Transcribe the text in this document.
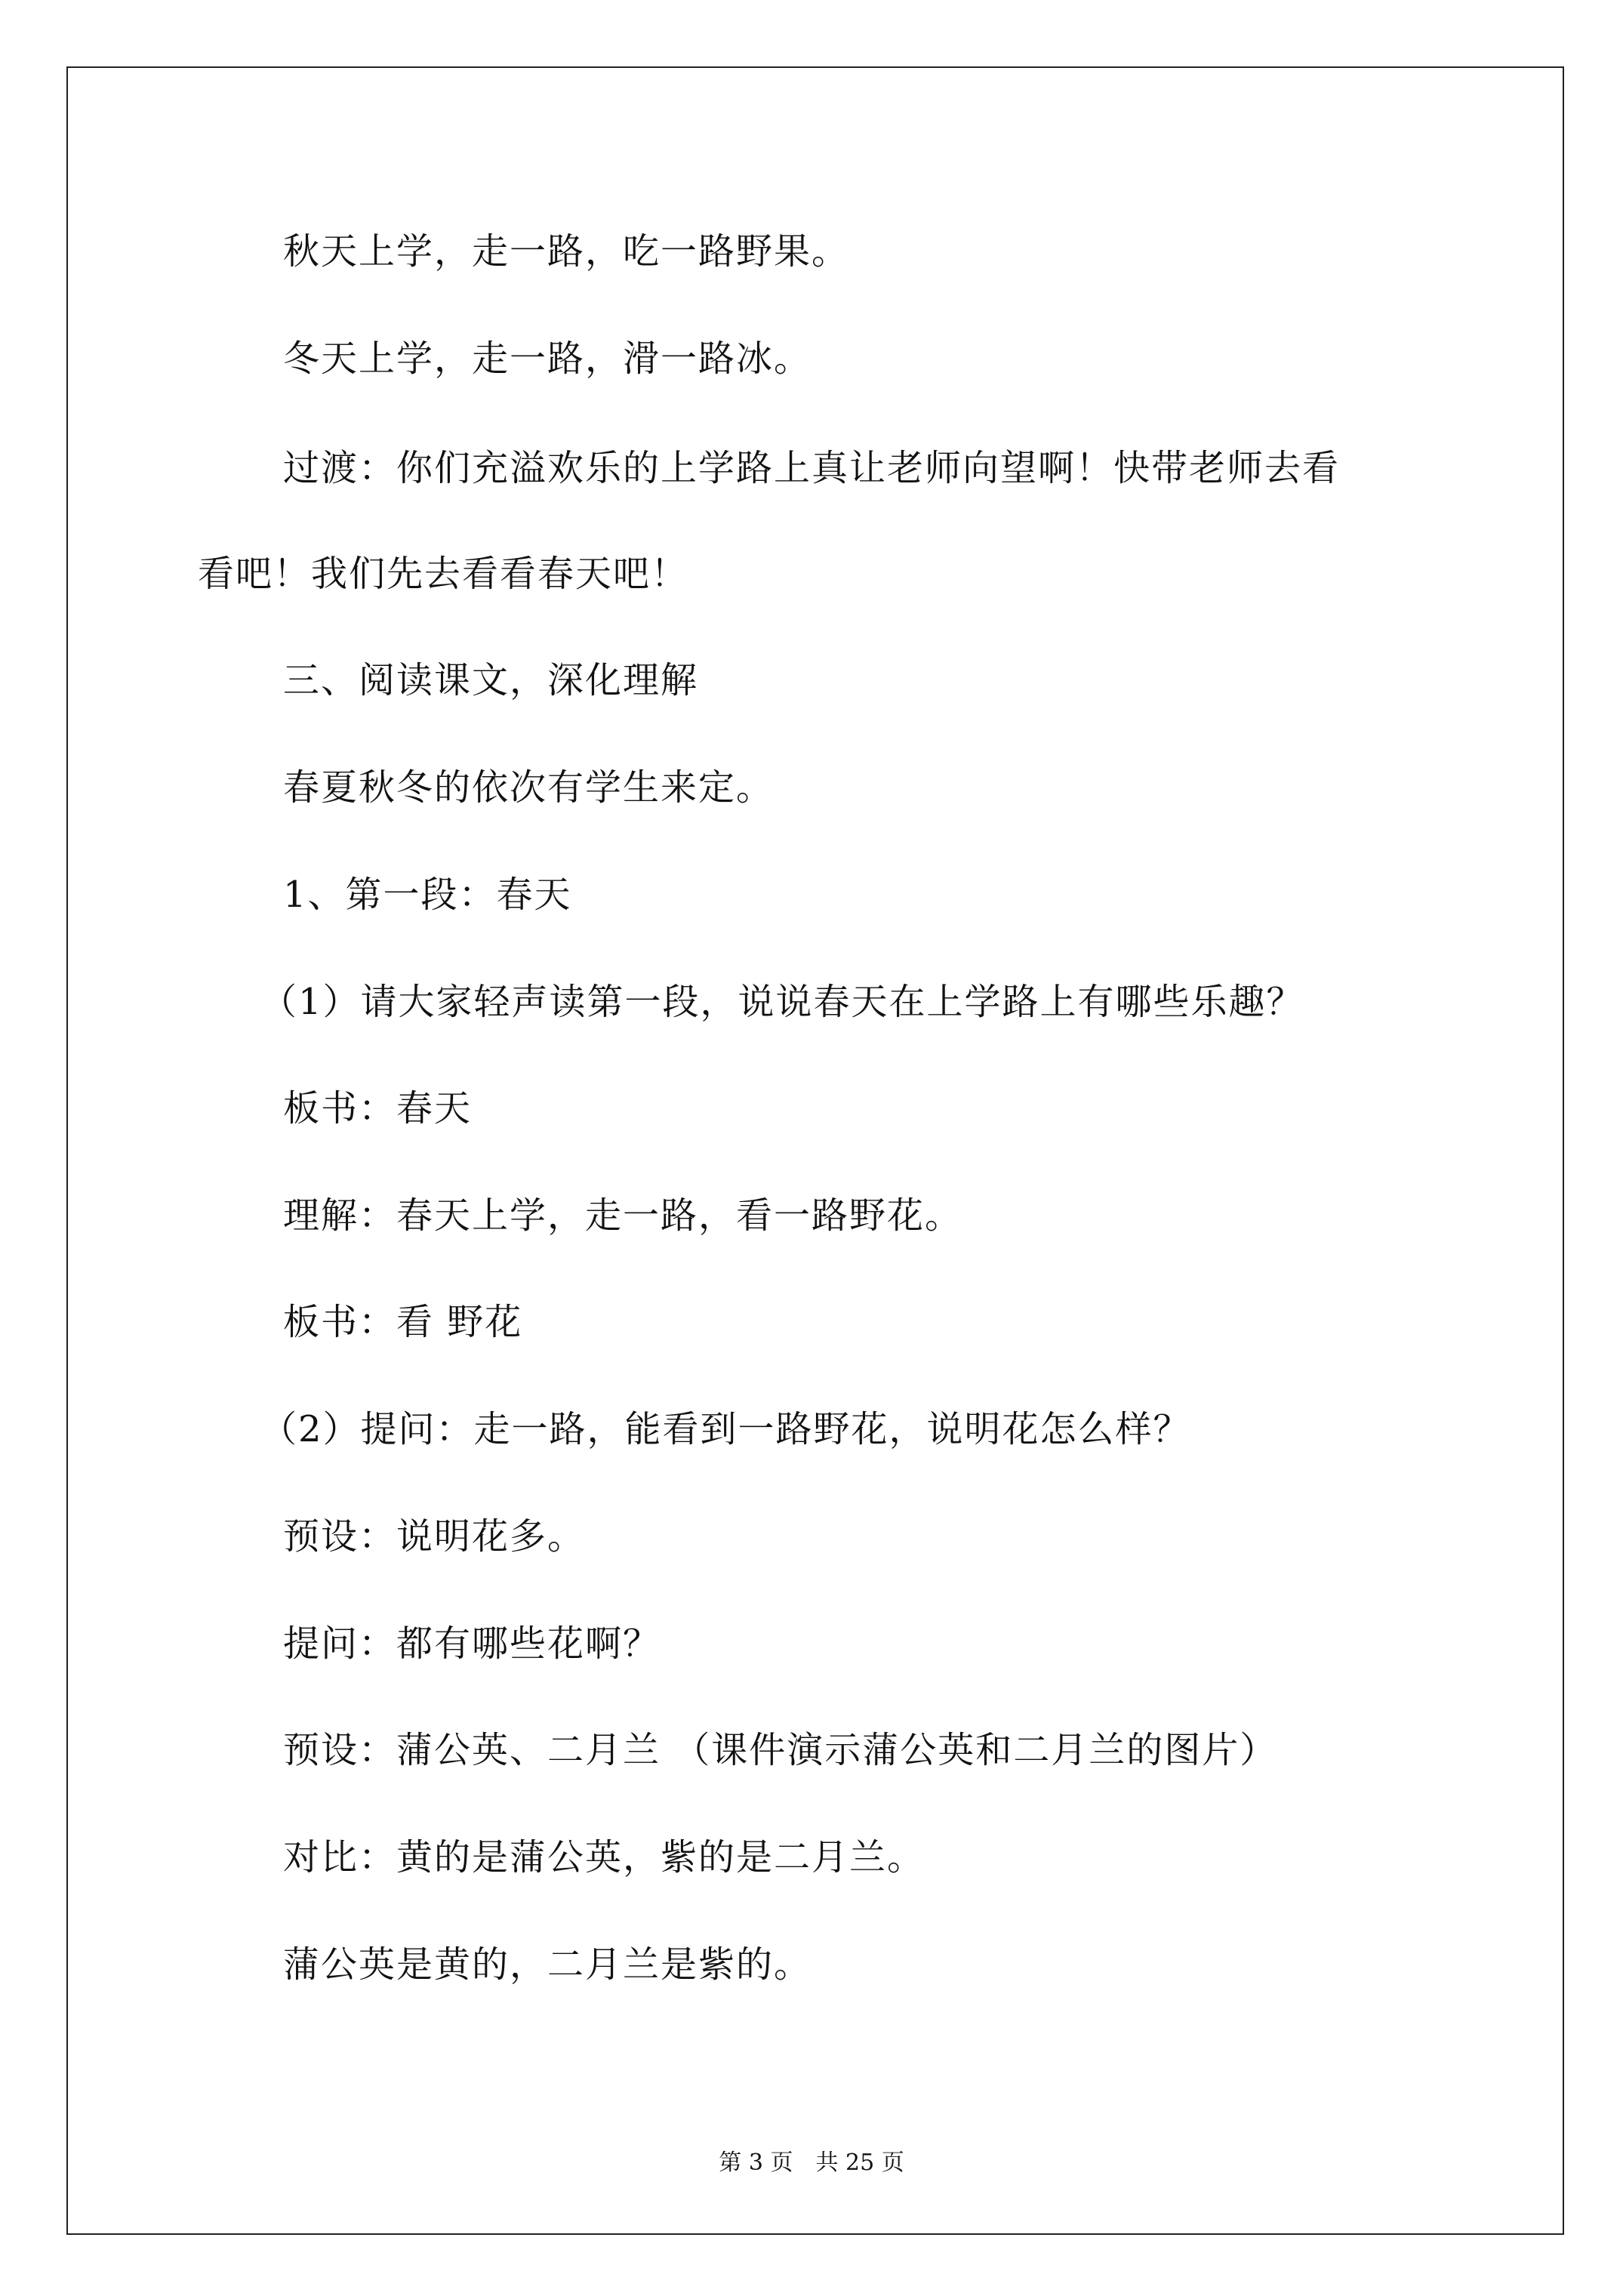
秋天上学，走一路，吃一路野果。
冬天上学，走一路，滑一路冰。
过渡：你们充溢欢乐的上学路上真让老师向望啊！快带老师去看
看吧！我们先去看看春天吧！
三、阅读课文，深化理解
春夏秋冬的依次有学生来定。
1、第一段：春天
（1）请大家轻声读第一段，说说春天在上学路上有哪些乐趣？
板书：春天
理解：春天上学，走一路，看一路野花。
板书：看 野花
（2）提问：走一路，能看到一路野花，说明花怎么样？
预设：说明花多。
提问：都有哪些花啊？
预设：蒲公英、二月兰 （课件演示蒲公英和二月兰的图片）
对比：黄的是蒲公英，紫的是二月兰。
蒲公英是黄的，二月兰是紫的。
第 3 页　共 25 页
